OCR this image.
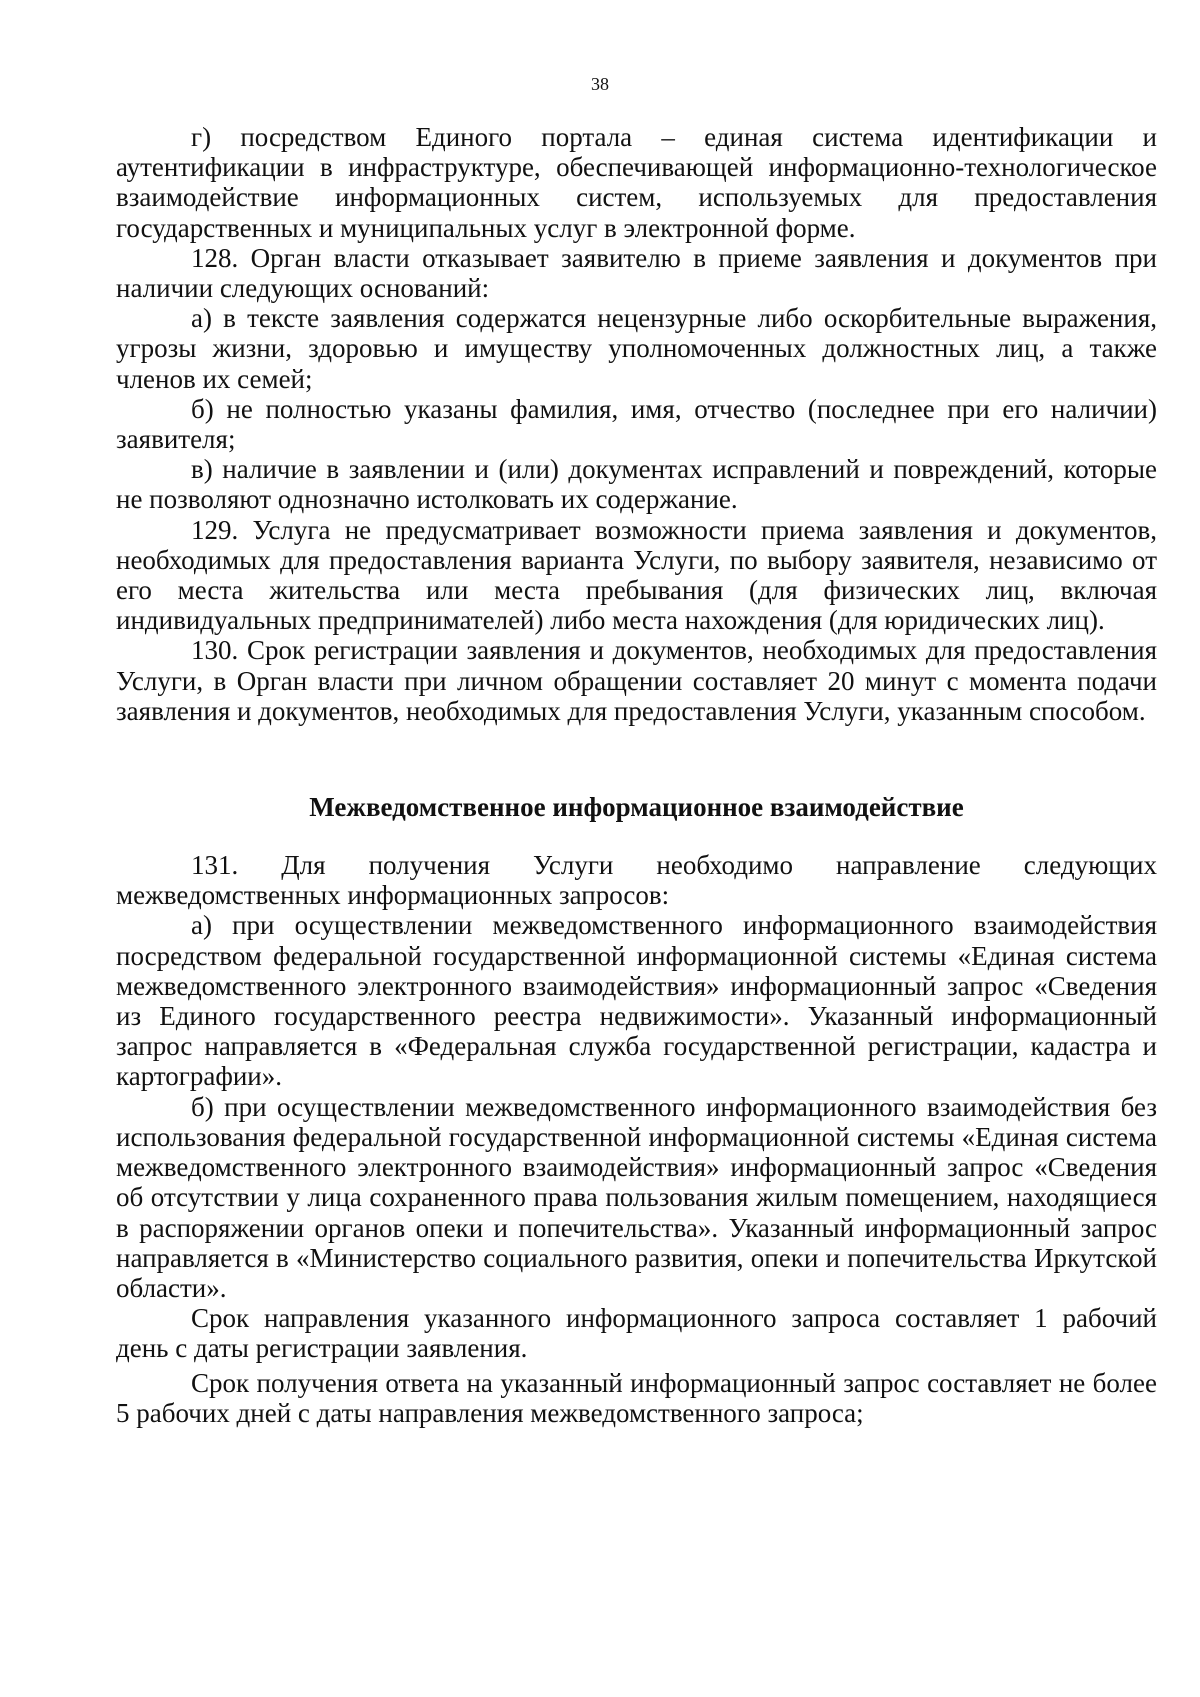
38

г) посредством Единого портала – единая система идентификации и аутентификации в инфраструктуре, обеспечивающей информационно-технологическое взаимодействие информационных систем, используемых для предоставления государственных и муниципальных услуг в электронной форме.

128. Орган власти отказывает заявителю в приеме заявления и документов при наличии следующих оснований:

а) в тексте заявления содержатся нецензурные либо оскорбительные выражения, угрозы жизни, здоровью и имуществу уполномоченных должностных лиц, а также членов их семей;

б) не полностью указаны фамилия, имя, отчество (последнее при его наличии) заявителя;

в) наличие в заявлении и (или) документах исправлений и повреждений, которые не позволяют однозначно истолковать их содержание.

129. Услуга не предусматривает возможности приема заявления и документов, необходимых для предоставления варианта Услуги, по выбору заявителя, независимо от его места жительства или места пребывания (для физических лиц, включая индивидуальных предпринимателей) либо места нахождения (для юридических лиц).

130. Срок регистрации заявления и документов, необходимых для предоставления Услуги, в Орган власти при личном обращении составляет 20 минут с момента подачи заявления и документов, необходимых для предоставления Услуги, указанным способом.

Межведомственное информационное взаимодействие

131. Для получения Услуги необходимо направление следующих межведомственных информационных запросов:

а) при осуществлении межведомственного информационного взаимодействия посредством федеральной государственной информационной системы «Единая система межведомственного электронного взаимодействия» информационный запрос «Сведения из Единого государственного реестра недвижимости». Указанный информационный запрос направляется в «Федеральная служба государственной регистрации, кадастра и картографии».

б) при осуществлении межведомственного информационного взаимодействия без использования федеральной государственной информационной системы «Единая система межведомственного электронного взаимодействия» информационный запрос «Сведения об отсутствии у лица сохраненного права пользования жилым помещением, находящиеся в распоряжении органов опеки и попечительства». Указанный информационный запрос направляется в «Министерство социального развития, опеки и попечительства Иркутской области».

Срок направления указанного информационного запроса составляет 1 рабочий день с даты регистрации заявления.

Срок получения ответа на указанный информационный запрос составляет не более 5 рабочих дней с даты направления межведомственного запроса;
